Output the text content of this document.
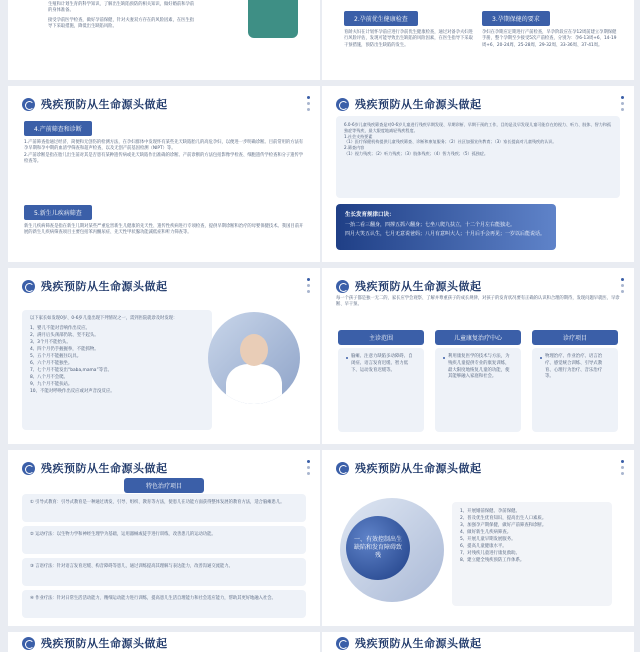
生殖和计划生育的科学知识、了解出生缺陷预防的相关知识，做好婚前和孕前的身体准备。

接受孕前医学检查，做好孕前保健，针对夫妻双方存在的风险因素，在医生指导下采取措施，降低出生缺陷风险。

2.孕前优生健康检查

育龄夫妇在计划怀孕前应进行孕前优生健康检查，通过对备孕夫妇进行风险评估，发现可能导致出生缺陷的风险因素，在医生指导下采取干预措施，预防出生缺陷的发生。

3.孕期保健的要求

孕妇在孕期应定期进行产前检查，早孕阶段应在孕12周前建立孕期保健手册，整个孕期至少接受5次产前检查，分别为：孕6-13周+6、14-19周+6、20-24周、25-28周、29-32周、33-36周、37-41周。

残疾预防从生命源头做起
4.产前筛查和诊断

1.产前筛查指通过经济、简便和无创伤的检测方法，在孕妇群体中发现怀有某些先天缺陷胎儿的高危孕妇，以便进一步明确诊断。目前常用的方法有孕早期和孕中期的血清学筛查和超声检查，以及无创产前基因检测（NIPT）等。
2.产前诊断是指在胎儿出生前对其是否患有某种遗传病或先天缺陷作出准确的诊断。产前诊断的方法包括影像学检查、细胞遗传学检查和分子遗传学检查等。

5.新生儿疾病筛查

新生儿疾病筛查是指在新生儿期对某些严重危害新生儿健康的先天性、遗传性疾病进行专项检查，提供早期诊断和治疗的母婴保健技术。我国目前开展的新生儿疾病筛查项目主要包括苯丙酮尿症、先天性甲状腺功能减低症和听力筛查等。

残疾预防从生命源头做起

6.0-6岁儿童残疾筛查是对0-6岁儿童进行残疾早期发现、早期诊断、早期干预的工作，目的是及早发现儿童可能存在的视力、听力、肢体、智力和孤独症等残疾，最大限度地减轻残疾程度。
1.社会支持要素
（1）医疗保健机构提供儿童残疾筛查、诊断和康复服务；（2）社区加强宣传教育；（3）家长提高对儿童残疾的认识。
2.筛查内容
（1）视力残疾；（2）听力残疾；（3）肢体残疾；（4）智力残疾；（5）孤独症。

生长发育规律口诀：

一抬二看三翻身，四撑五抓六翻身；七坐八爬九扶立，十二个月左右能独走。

四月大笑五认生，七月无意说爸妈；八月有意叫大人；十月后手会再见；一岁以后能说话。

残疾预防从生命源头做起

以下家长如发现0岁、0-6岁儿童出现下列情况之一，需到医院就诊及时发现：

1、婴儿不能对音响作出反应。
2、满月后头颈部仍软、竖不起头。
3、3个月不能抬头。
4、四个月仍手握握拳，不能抓物。
5、五个月不能握住玩具。
6、六个月不能独坐。
7、七个月不能发出“baba,mama”等音。
8、八个月不会爬。
9、九个月不能扶站。
10、不能对呼唤作出反应或对声音没反应。
残疾预防从生命源头做起

每一个孩子都是独一无二的，家长应学会观察、了解并尊重孩子的成长规律，对孩子的发育状况要有正确的认识和合理的期待，发现问题早就医、早诊断、早干预。

主诊范围	儿童康复治疗中心	诊疗项目
脑瘫、注意力缺陷多动障碍、自闭症、语言发育迟缓、智力低下、运动发育迟缓等。
利用康复医学的技术与方法，为残疾儿童提供专业的康复训练，最大限度地恢复儿童的功能，使其能够融入家庭和社会。
物理治疗、作业治疗、语言治疗、感觉统合训练、引导式教育、心理行为治疗、音乐治疗等。
残疾预防从生命源头做起
特色治疗项目

① 引导式教育：引导式教育是一种通过诱发、引导、组织、教育等方法，使患儿在功能方面获得整体发展的教育方法，适合脑瘫患儿。

② 运动疗法：以生物力学和神经生理学为基础，运用器械或徒手进行训练，改善患儿的运动功能。

③ 言语疗法：针对语言发育迟缓、构音障碍等患儿，通过训练提高其理解与表达能力，改善沟通交流能力。

④ 作业疗法：针对日常生活活动能力、精细运动能力进行训练，提高患儿生活自理能力和社会适应能力，帮助其更好地融入社会。

残疾预防从生命源头做起
一、有效控制出生缺陷和发育障碍致残
1、开展婚前保健、孕前保健。
2、普及优生优育知识，提高出生人口素质。
3、加强孕产期保健，做好产前筛查和诊断。
4、做好新生儿疾病筛查。
5、开展儿童早期发展服务。
6、提高儿童健康水平。
7、对残疾儿童进行康复救助。
8、建立健全残疾预防工作体系。
残疾预防从生命源头做起	残疾预防从生命源头做起
